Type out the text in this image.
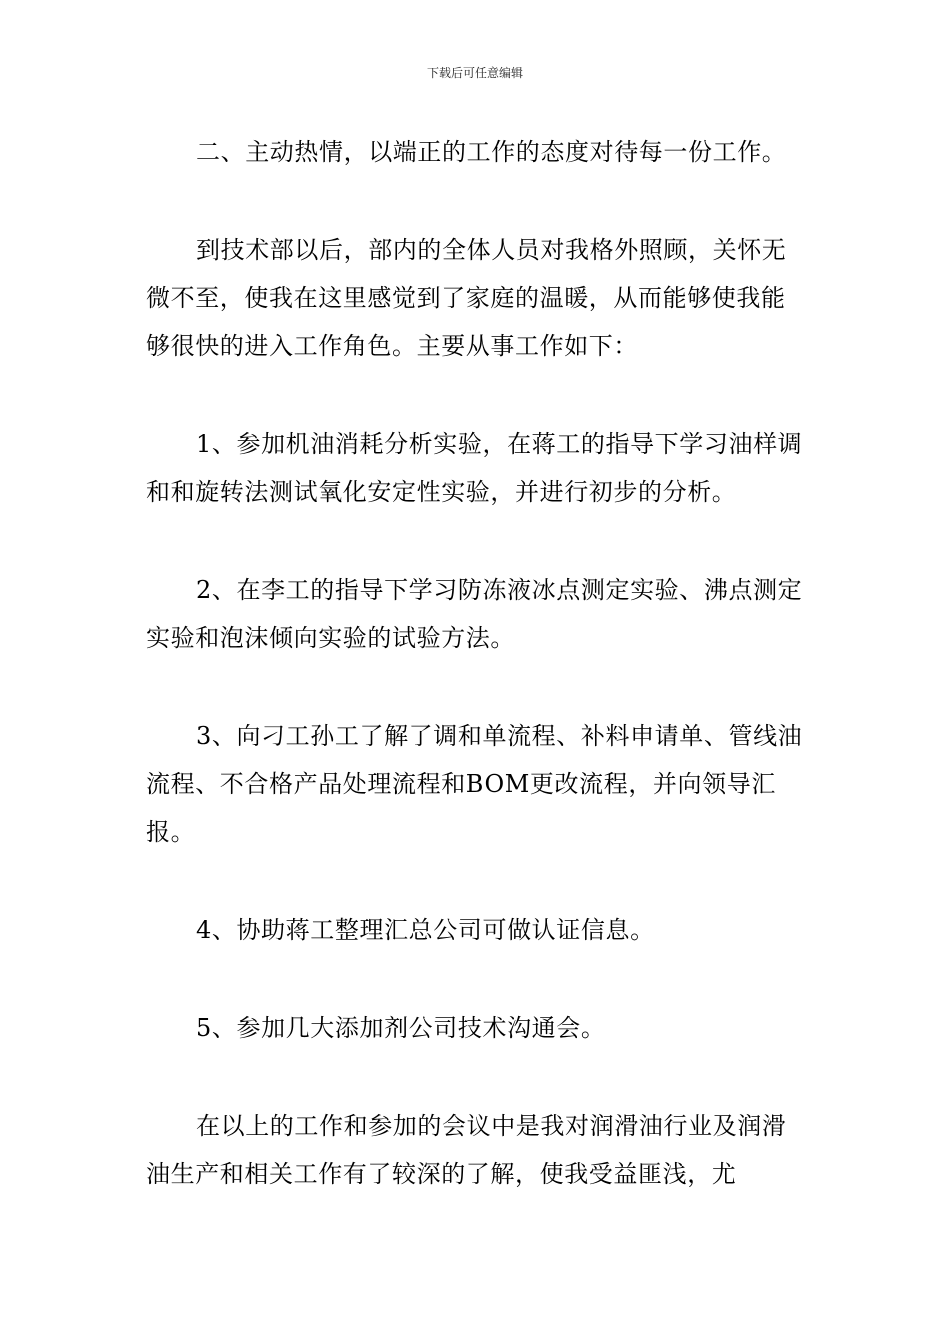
下载后可任意编辑

二、主动热情，以端正的工作的态度对待每一份工作。

到技术部以后，部内的全体人员对我格外照顾，关怀无微不至，使我在这里感觉到了家庭的温暖，从而能够使我能够很快的进入工作角色。主要从事工作如下：

1、参加机油消耗分析实验，在蒋工的指导下学习油样调和和旋转法测试氧化安定性实验，并进行初步的分析。

2、在李工的指导下学习防冻液冰点测定实验、沸点测定实验和泡沫倾向实验的试验方法。

3、向刁工孙工了解了调和单流程、补料申请单、管线油流程、不合格产品处理流程和BOM更改流程，并向领导汇报。

4、协助蒋工整理汇总公司可做认证信息。

5、参加几大添加剂公司技术沟通会。

在以上的工作和参加的会议中是我对润滑油行业及润滑油生产和相关工作有了较深的了解，使我受益匪浅，尤
